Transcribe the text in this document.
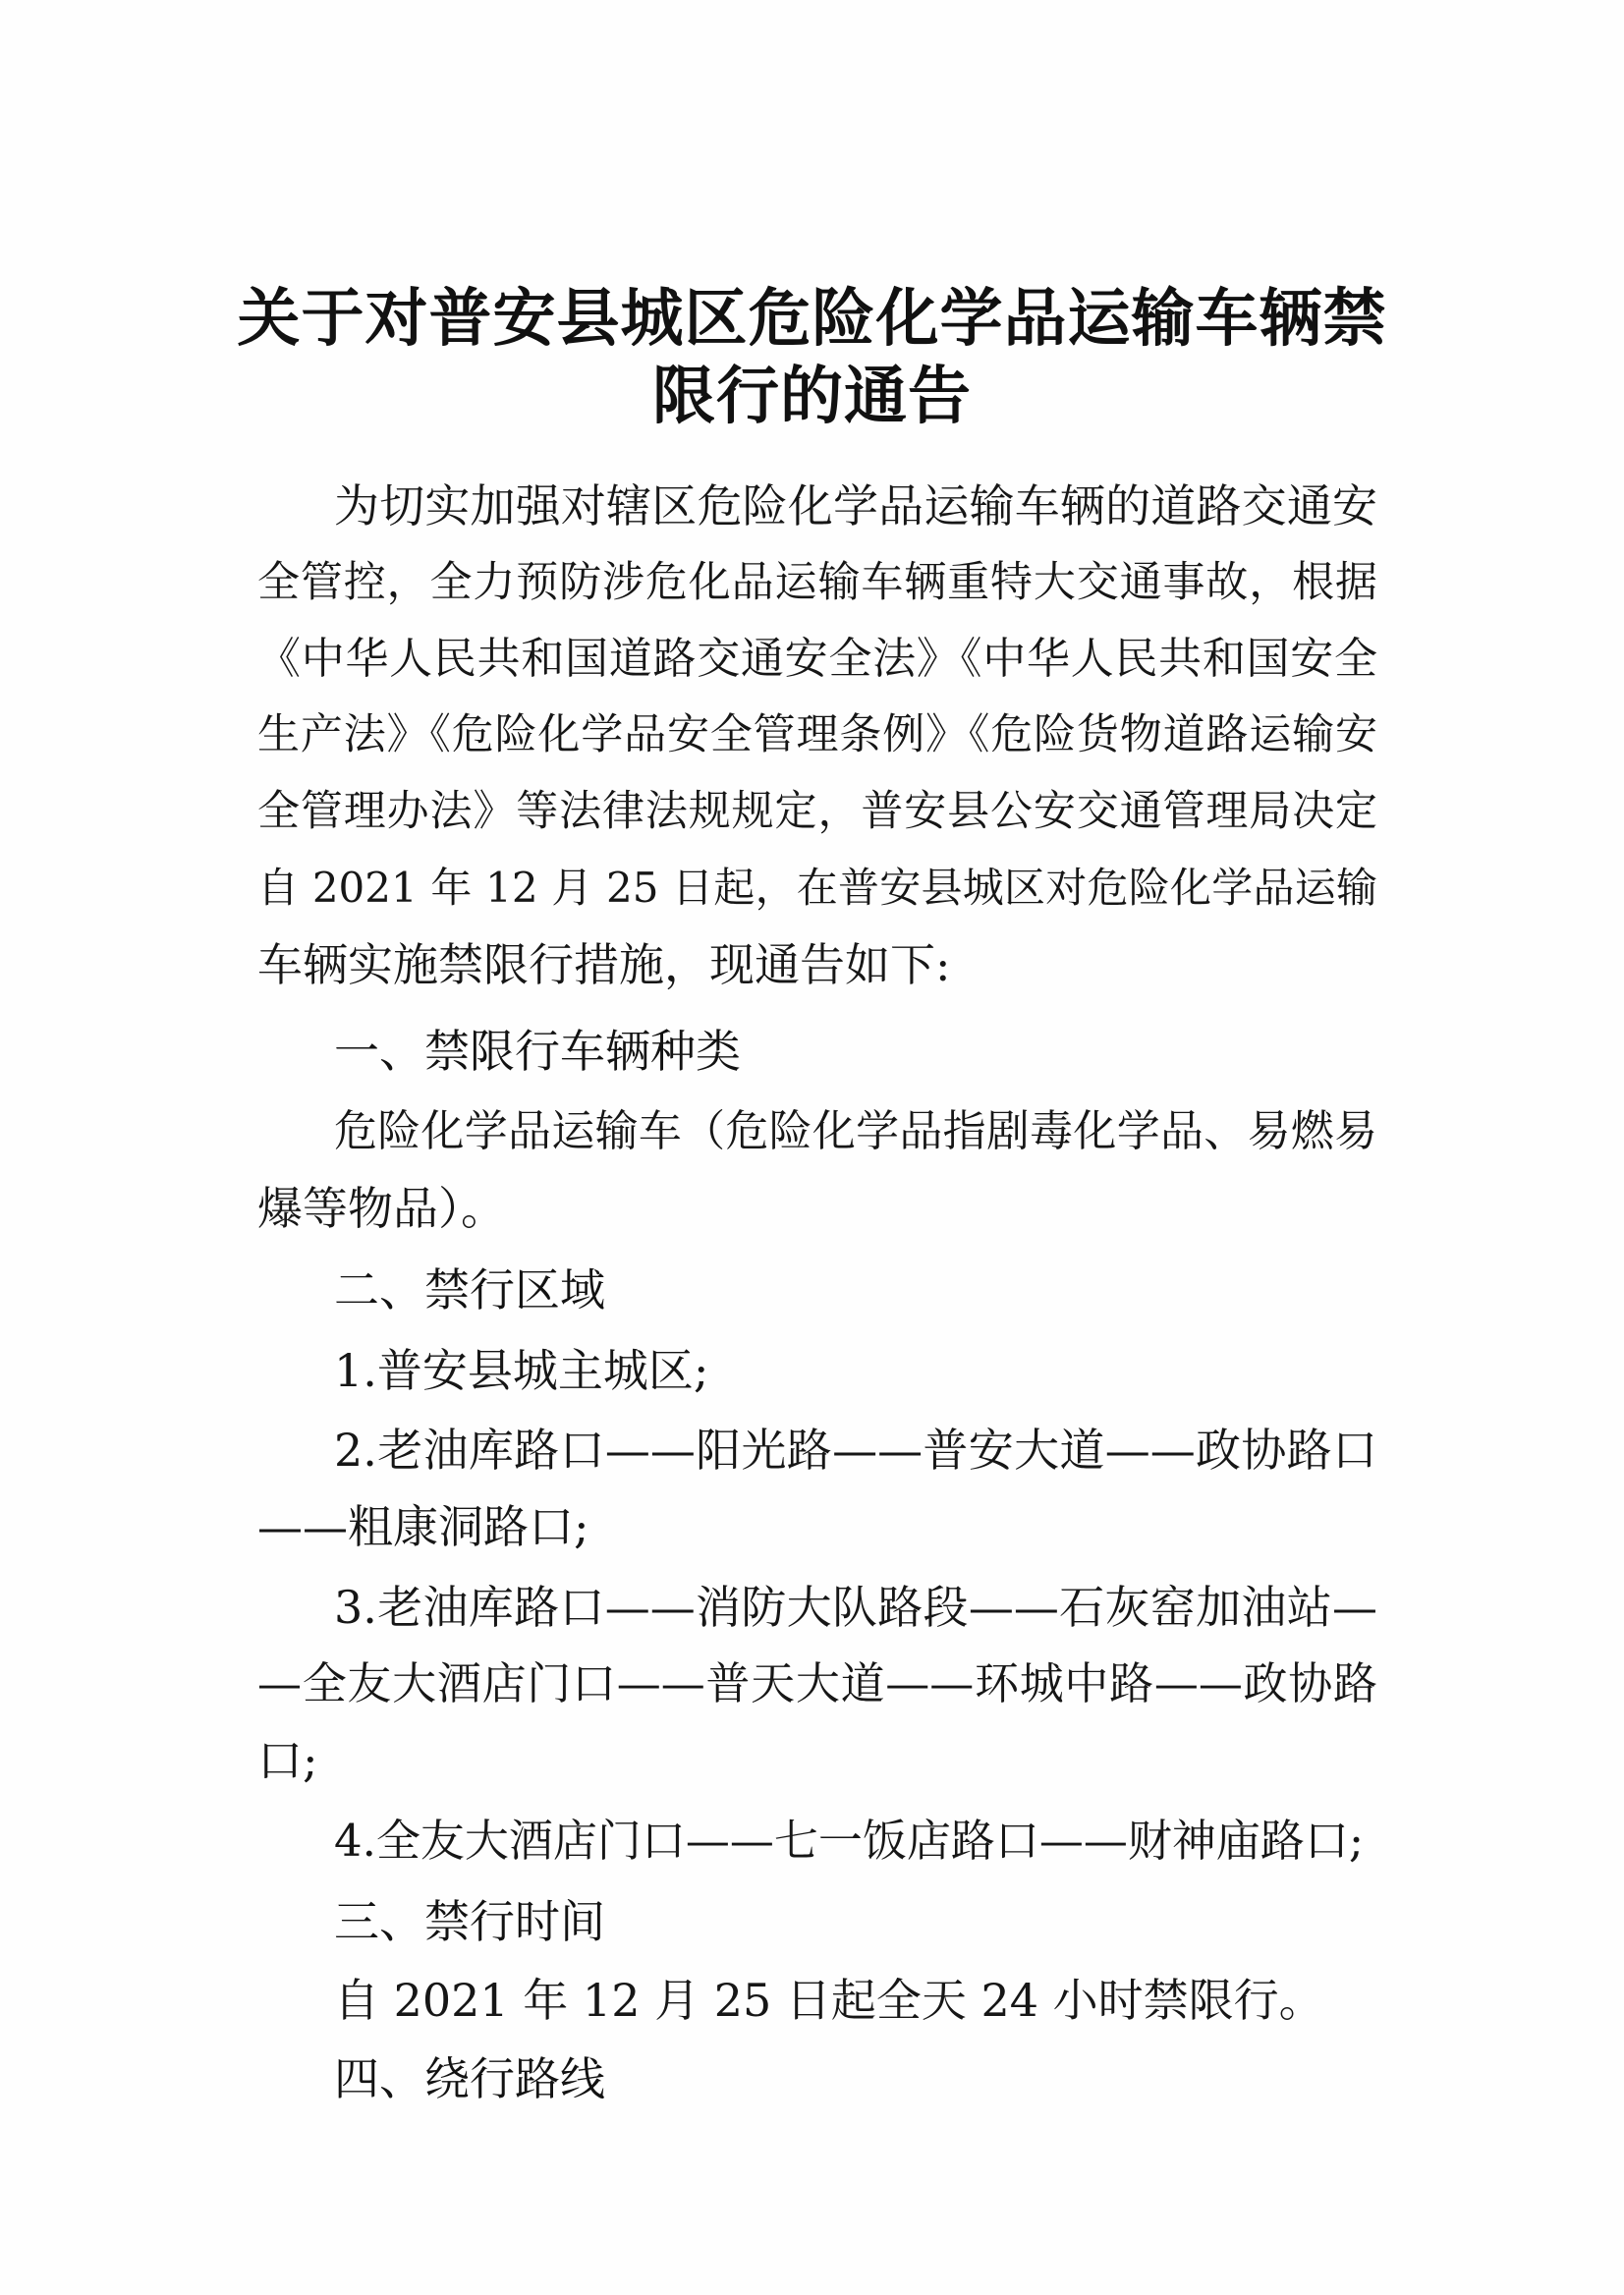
关于对普安县城区危险化学品运输车辆禁
限行的通告
为切实加强对辖区危险化学品运输车辆的道路交通安
全管控，全力预防涉危化品运输车辆重特大交通事故，根据
《中华人民共和国道路交通安全法》《中华人民共和国安全
生产法》《危险化学品安全管理条例》《危险货物道路运输安
全管理办法》等法律法规规定，普安县公安交通管理局决定
自 2021 年 12 月 25 日起，在普安县城区对危险化学品运输
车辆实施禁限行措施，现通告如下:
一、禁限行车辆种类
危险化学品运输车（危险化学品指剧毒化学品、易燃易
爆等物品）。
二、禁行区域
1.普安县城主城区;
2.老油库路口——阳光路——普安大道——政协路口
——粗康洞路口;
3.老油库路口——消防大队路段——石灰窑加油站—
—全友大酒店门口——普天大道——环城中路——政协路
口;
4.全友大酒店门口——七一饭店路口——财神庙路口;
三、禁行时间
自 2021 年 12 月 25 日起全天 24 小时禁限行。
四、绕行路线
